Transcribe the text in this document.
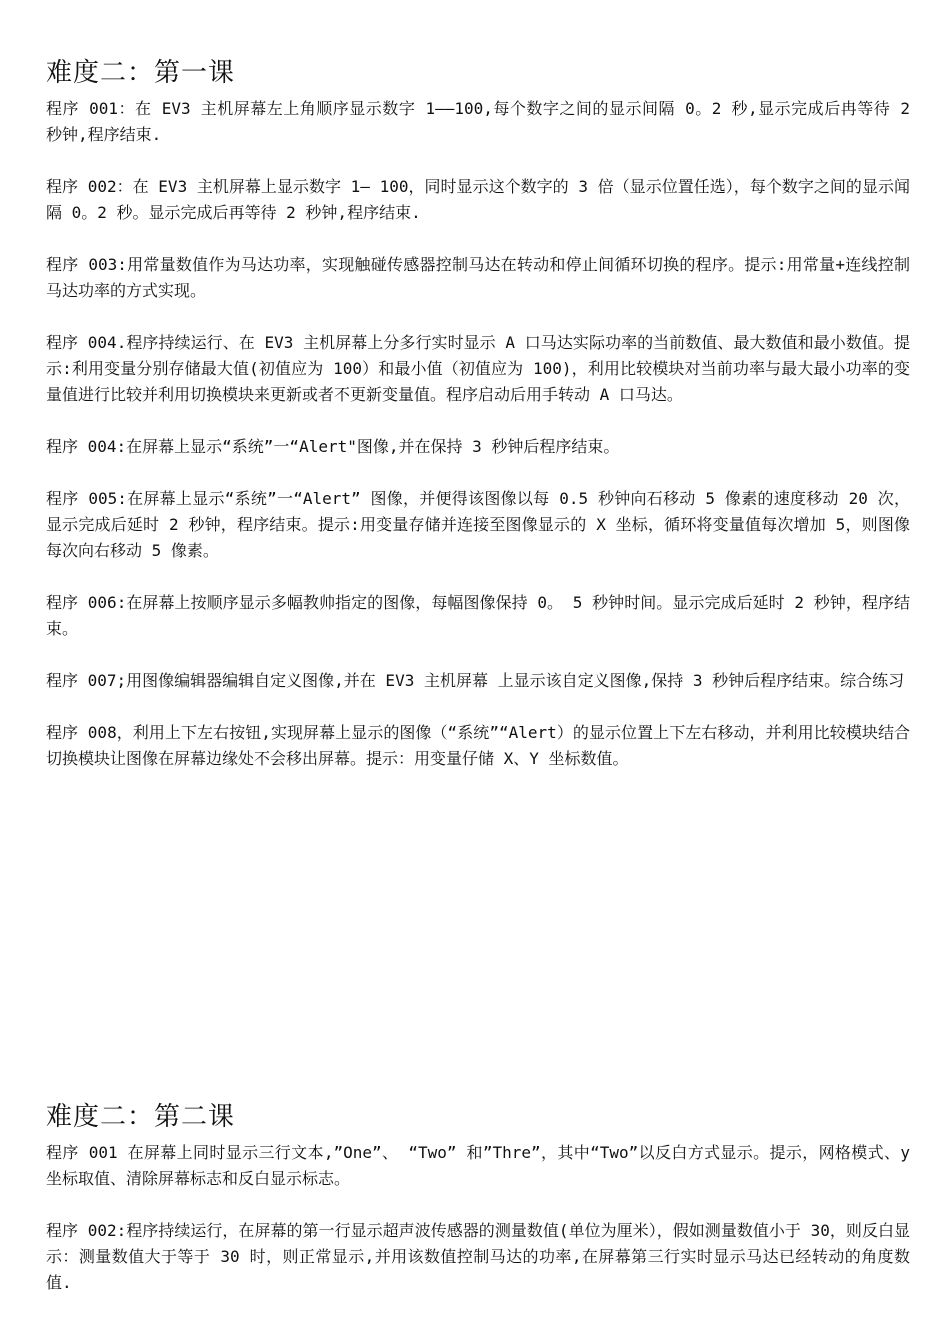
难度二：第一课

程序 001：在 EV3 主机屏幕左上角顺序显示数字 1——100,每个数字之间的显示间隔 0。2 秒,显示完成后冉等待 2 秒钟,程序结束.

程序 002：在 EV3 主机屏幕上显示数字 1— 100，同时显示这个数字的 3 倍（显示位置任选），每个数字之间的显示闻隔 0。2 秒。显示完成后再等待 2 秒钟,程序结束.

程序 003:用常量数值作为马达功率，实现触碰传感器控制马达在转动和停止间循环切换的程序。提示:用常量+连线控制马达功率的方式实现。

程序 004.程序持续运行、在 EV3 主机屏幕上分多行实时显示 A 口马达实际功率的当前数值、最大数值和最小数值。提示:利用变量分别存储最大值(初值应为 100）和最小值（初值应为 100)，利用比较模块对当前功率与最大最小功率的变量值进行比较并利用切换模块来更新或者不更新变量值。程序启动后用手转动 A 口马达。

程序 004:在屏幕上显示“系统”一“Alert"图像,并在保持 3 秒钟后程序结束。

程序 005:在屏幕上显示“系统”一“Alert” 图像，并便得该图像以每 0.5 秒钟向石移动 5 像素的速度移动 20 次，显示完成后延时 2 秒钟，程序结束。提示:用变量存储并连接至图像显示的 X 坐标，循环将变量值每次增加 5，则图像每次向右移动 5 像素。

程序 006:在屏幕上按顺序显示多幅教帅指定的图像，每幅图像保持 0。 5 秒钟时间。显示完成后延时 2 秒钟，程序结束。

程序 007;用图像编辑器编辑自定义图像,并在 EV3 主机屏幕 上显示该自定义图像,保持 3 秒钟后程序结束。综合练习

程序 008，利用上下左右按钮,实现屏幕上显示的图像（“系统”“Alert）的显示位置上下左右移动，并利用比较模块结合切换模块让图像在屏幕边缘处不会移出屏幕。提示：用变量仔储 X、Y 坐标数值。

难度二：第二课

程序 001 在屏幕上同时显示三行文本,”One”、 “Two” 和”Thre”，其中“Two”以反白方式显示。提示，网格模式、y 坐标取值、清除屏幕标志和反白显示标志。

程序 002:程序持续运行，在屏幕的第一行显示超声波传感器的测量数值(单位为厘米），假如测量数值小于 30，则反白显示：测量数值大于等于 30 时，则正常显示,并用该数值控制马达的功率,在屏幕第三行实时显示马达已经转动的角度数值.
